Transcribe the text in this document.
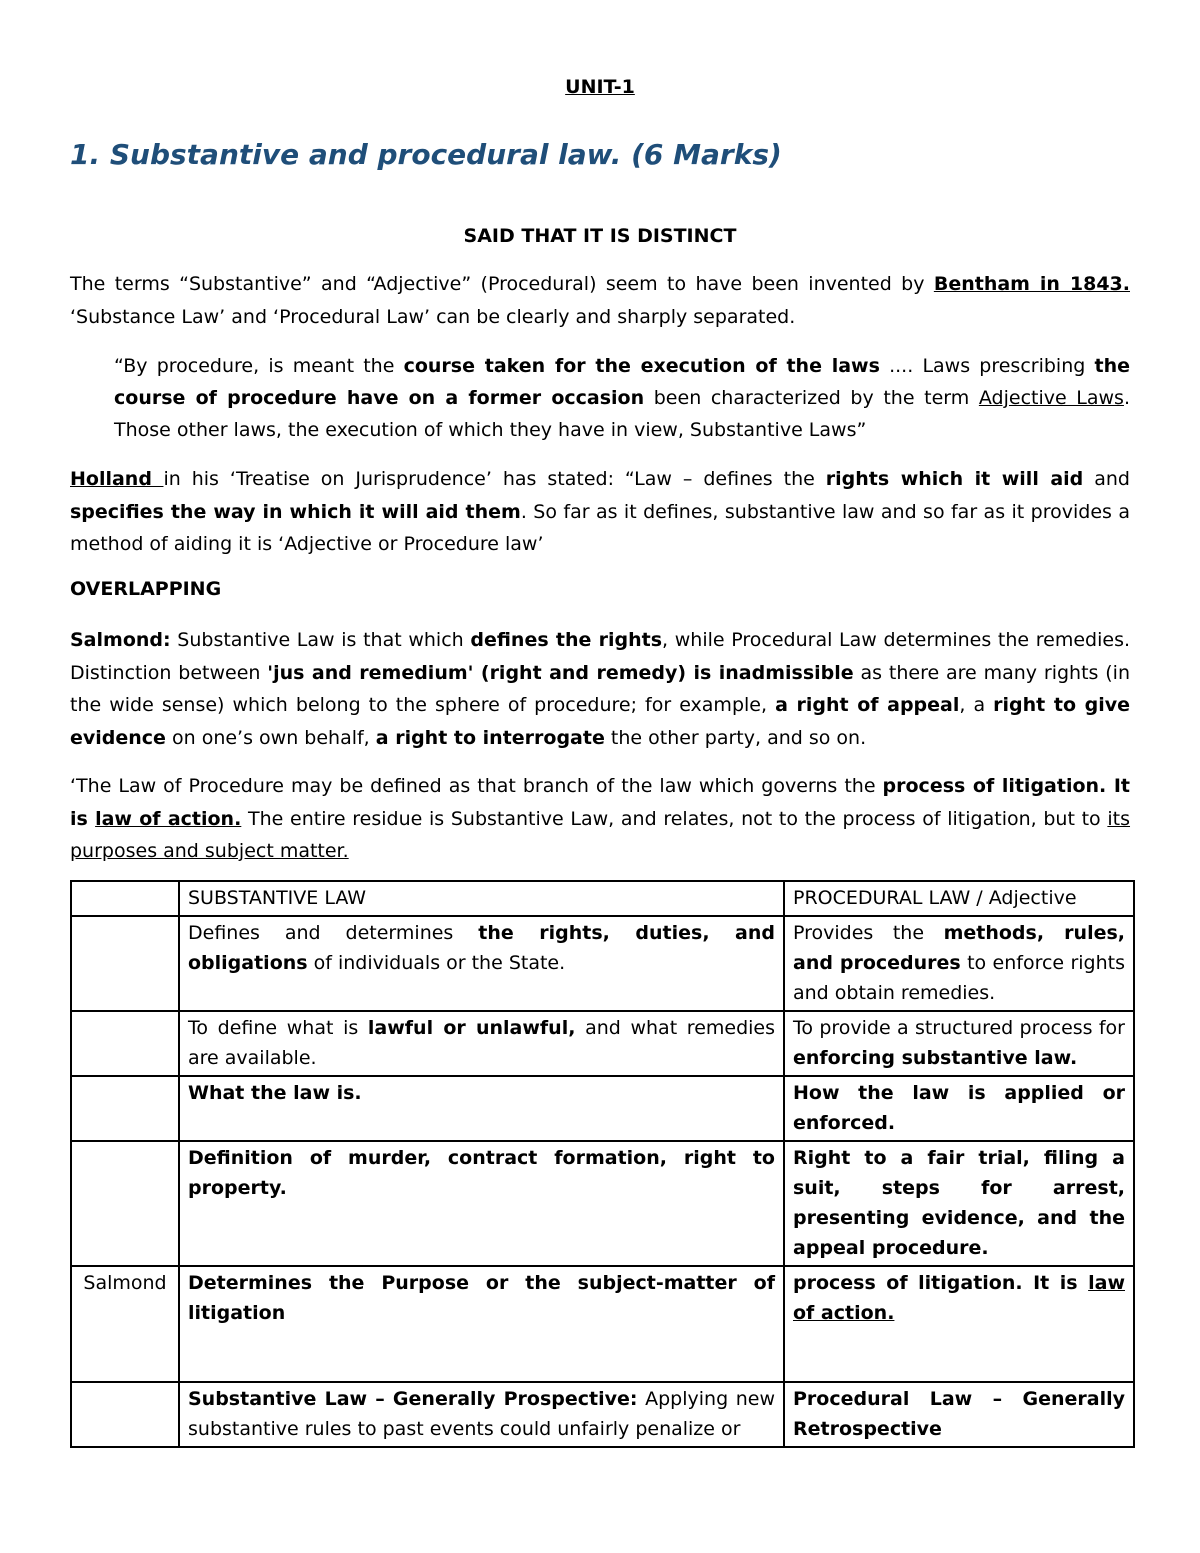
UNIT-1
1. Substantive and procedural law. (6 Marks)
SAID THAT IT IS DISTINCT
The terms “Substantive” and “Adjective” (Procedural) seem to have been invented by Bentham in 1843. ‘Substance Law’ and ‘Procedural Law’ can be clearly and sharply separated.
“By procedure, is meant the course taken for the execution of the laws .... Laws prescribing the course of procedure have on a former occasion been characterized by the term Adjective Laws. Those other laws, the execution of which they have in view, Substantive Laws”
Holland in his ‘Treatise on Jurisprudence’ has stated: “Law – defines the rights which it will aid and specifies the way in which it will aid them. So far as it defines, substantive law and so far as it provides a method of aiding it is ‘Adjective or Procedure law’
OVERLAPPING
Salmond: Substantive Law is that which defines the rights, while Procedural Law determines the remedies. Distinction between 'jus and remedium' (right and remedy) is inadmissible as there are many rights (in the wide sense) which belong to the sphere of procedure; for example, a right of appeal, a right to give evidence on one’s own behalf, a right to interrogate the other party, and so on.
‘The Law of Procedure may be defined as that branch of the law which governs the process of litigation. It is law of action. The entire residue is Substantive Law, and relates, not to the process of litigation, but to its purposes and subject matter.
	SUBSTANTIVE LAW	PROCEDURAL LAW / Adjective
	Defines and determines the rights, duties, and obligations of individuals or the State.	Provides the methods, rules, and procedures to enforce rights and obtain remedies.
	To define what is lawful or unlawful, and what remedies are available.	To provide a structured process for enforcing substantive law.
	What the law is.	How the law is applied or enforced.
	Definition of murder, contract formation, right to property.	Right to a fair trial, filing a suit, steps for arrest, presenting evidence, and the appeal procedure.
Salmond	Determines the Purpose or the subject-matter of litigation	process of litigation. It is law of action.
	Substantive Law – Generally Prospective: Applying new substantive rules to past events could unfairly penalize or	Procedural Law – Generally Retrospective
